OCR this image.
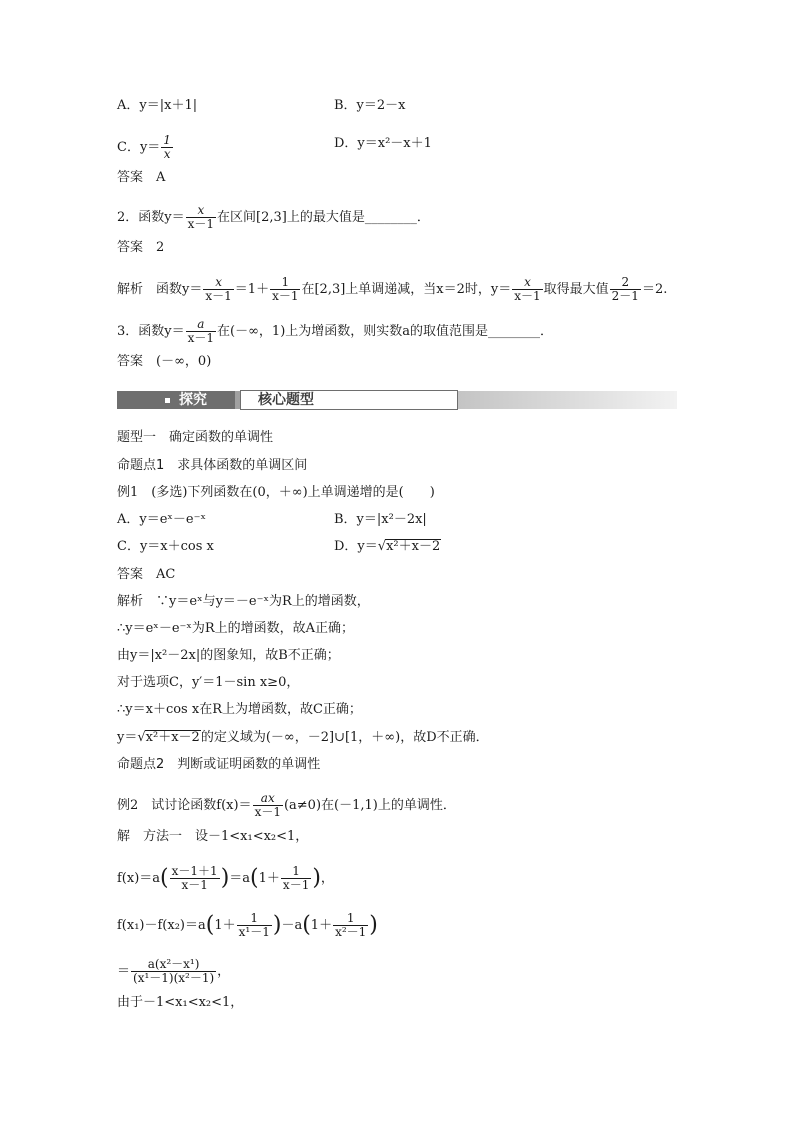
A．y＝|x＋1|	B．y＝2－x
C．$y= \frac{1}{x}$	D．y＝x²－x＋1
答案　 A
2．函数$y= \frac{x}{x-1}$ 在区间[2,3]上的最大值是________．
答案　 2
解析　 函数$y= \frac{x}{x-1} =1+ \frac{1}{x-1}$ 在[2,3]上单调递减，当x＝2时，$y= \frac{x}{x-1}$ 取得最大值 $\frac{2}{2-1} =2$.
3．函数$y= \frac{a}{x-1}$ 在(－∞，1)上为增函数，则实数a的取值范围是________．
答案　 (－∞，0)
探究	核心题型
题型一　确定函数的单调性
命题点1　求具体函数的单调区间
例1　(多选)下列函数在(0，＋∞)上单调递增的是(　　)
A．y＝eˣ－e⁻ˣ	B．y＝|x²－2x|
C．y＝x＋cos x	D．y＝√x²＋x－2
答案　 AC
解析　 ∵y＝eˣ与y＝－e⁻ˣ为R上的增函数，
∴y＝eˣ－e⁻ˣ为R上的增函数，故A正确；
由y＝|x²－2x|的图象知，故B不正确；
对于选项C，y′＝1－sin x≥0，
∴y＝x＋cos x在R上为增函数，故C正确；
y＝√x²＋x－2的定义域为(－∞，－2]∪[1，＋∞)，故D不正确．
命题点2　判断或证明函数的单调性
例2　试讨论函数$f(x)= \frac{ax}{x-1} (a\ne 0)$在(－1,1)上的单调性．
解　方法一　设－1<x₁<x₂<1，
$f(x)=a( \frac{x-1+1}{x-1} )=a(1+ \frac{1}{x-1}$ )，
$f(x_1)-f(x_2)=a(1+ \frac{1}{\text{x¹－1}} )-a(1+ \frac{1}{\text{x²－1}}$ )
＝ $\frac{\text{a(x²－x¹)}}{\text{(x¹－1)(x²－1)}}$ ，
由于－1<x₁<x₂<1，
